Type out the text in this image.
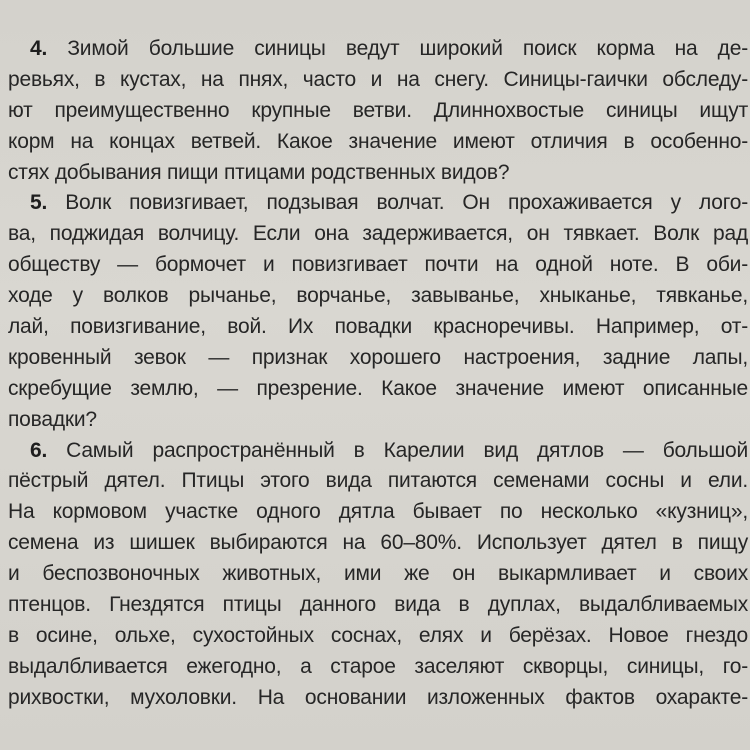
4. Зимой большие синицы ведут широкий поиск корма на де-
ревьях, в кустах, на пнях, часто и на снегу. Синицы-гаички обследу-
ют преимущественно крупные ветви. Длиннохвостые синицы ищут
корм на концах ветвей. Какое значение имеют отличия в особенно-
стях добывания пищи птицами родственных видов?
5. Волк повизгивает, подзывая волчат. Он прохаживается у лого-
ва, поджидая волчицу. Если она задерживается, он тявкает. Волк рад
обществу — бормочет и повизгивает почти на одной ноте. В оби-
ходе у волков рычанье, ворчанье, завыванье, хныканье, тявканье,
лай, повизгивание, вой. Их повадки красноречивы. Например, от-
кровенный зевок — признак хорошего настроения, задние лапы,
скребущие землю, — презрение. Какое значение имеют описанные
повадки?
6. Самый распространённый в Карелии вид дятлов — большой
пёстрый дятел. Птицы этого вида питаются семенами сосны и ели.
На кормовом участке одного дятла бывает по несколько «кузниц»,
семена из шишек выбираются на 60–80%. Использует дятел в пищу
и беспозвоночных животных, ими же он выкармливает и своих
птенцов. Гнездятся птицы данного вида в дуплах, выдалбливаемых
в осине, ольхе, сухостойных соснах, елях и берёзах. Новое гнездо
выдалбливается ежегодно, а старое заселяют скворцы, синицы, го-
рихвостки, мухоловки. На основании изложенных фактов охаракте-
